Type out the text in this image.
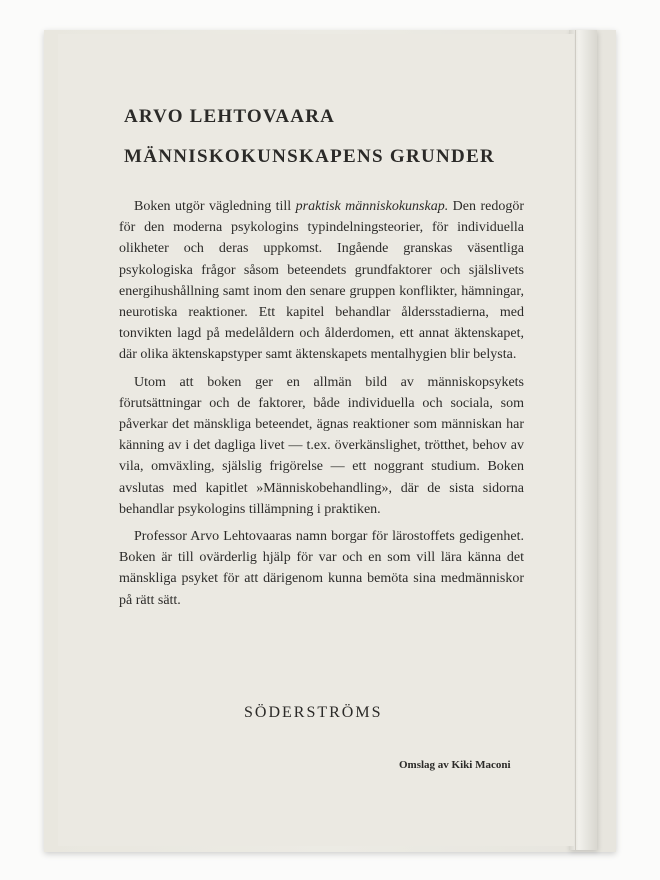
ARVO LEHTOVAARA
MÄNNISKOKUNSKAPENS GRUNDER

Boken utgör vägledning till praktisk människokunskap. Den redogör för den moderna psykologins typindelningsteorier, för individuella olikheter och deras uppkomst. Ingående granskas väsentliga psykologiska frågor såsom beteendets grundfaktorer och själslivets energihushållning samt inom den senare gruppen konflikter, hämningar, neurotiska reaktioner. Ett kapitel behandlar åldersstadierna, med tonvikten lagd på medelåldern och ålderdomen, ett annat äktenskapet, där olika äktenskapstyper samt äktenskapets mentalhygien blir belysta.

Utom att boken ger en allmän bild av människopsykets förutsättningar och de faktorer, både individuella och sociala, som påverkar det mänskliga beteendet, ägnas reaktioner som människan har känning av i det dagliga livet — t.ex. överkänslighet, trötthet, behov av vila, omväxling, själslig frigörelse — ett noggrant studium. Boken avslutas med kapitlet »Människobehandling», där de sista sidorna behandlar psykologins tillämpning i praktiken.

Professor Arvo Lehtovaaras namn borgar för lärostoffets gedigenhet. Boken är till ovärderlig hjälp för var och en som vill lära känna det mänskliga psyket för att därigenom kunna bemöta sina medmänniskor på rätt sätt.

SÖDERSTRÖMS
Omslag av Kiki Maconi
